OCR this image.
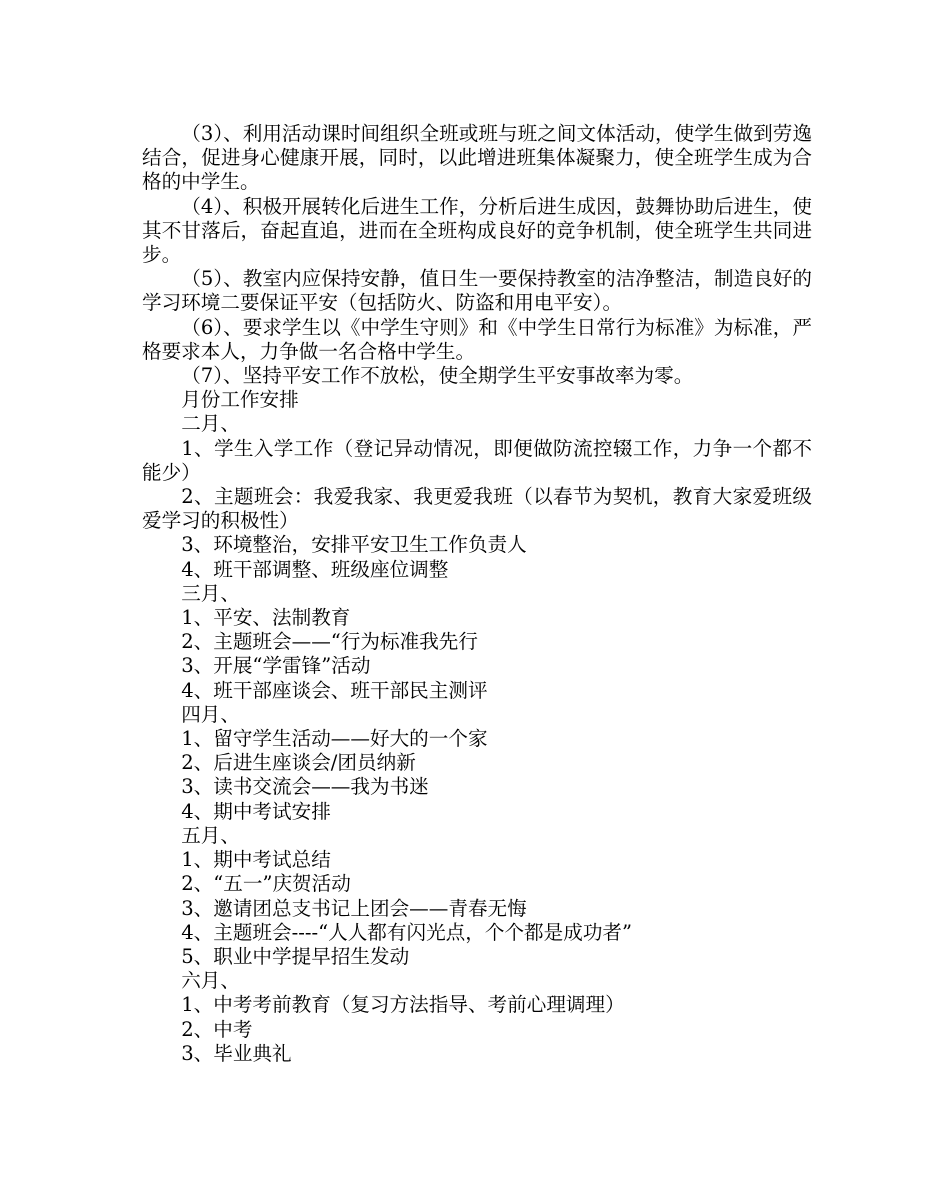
（3）、利用活动课时间组织全班或班与班之间文体活动，使学生做到劳逸结合，促进身心健康开展，同时，以此增进班集体凝聚力，使全班学生成为合格的中学生。

（4）、积极开展转化后进生工作，分析后进生成因，鼓舞协助后进生，使其不甘落后，奋起直追，进而在全班构成良好的竞争机制，使全班学生共同进步。

（5）、教室内应保持安静，值日生一要保持教室的洁净整洁，制造良好的学习环境二要保证平安（包括防火、防盗和用电平安）。

（6）、要求学生以《中学生守则》和《中学生日常行为标准》为标准，严格要求本人，力争做一名合格中学生。

（7）、坚持平安工作不放松，使全期学生平安事故率为零。

月份工作安排

二月、

1、学生入学工作（登记异动情况，即便做防流控辍工作，力争一个都不能少）

2、主题班会：我爱我家、我更爱我班（以春节为契机，教育大家爱班级爱学习的积极性）

3、环境整治，安排平安卫生工作负责人

4、班干部调整、班级座位调整

三月、

1、平安、法制教育

2、主题班会——“行为标准我先行

3、开展“学雷锋”活动

4、班干部座谈会、班干部民主测评

四月、

1、留守学生活动——好大的一个家

2、后进生座谈会/团员纳新

3、读书交流会——我为书迷

4、期中考试安排

五月、

1、期中考试总结

2、“五一”庆贺活动

3、邀请团总支书记上团会——青春无悔

4、主题班会----“人人都有闪光点，个个都是成功者”

5、职业中学提早招生发动

六月、

1、中考考前教育（复习方法指导、考前心理调理）

2、中考

3、毕业典礼
